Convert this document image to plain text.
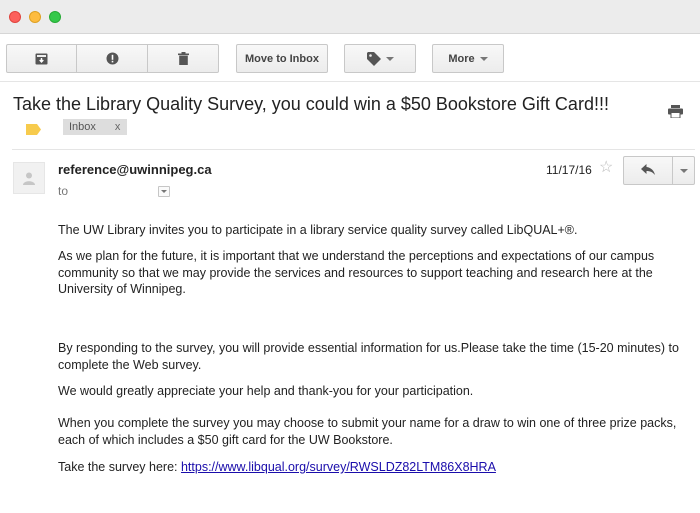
Move to Inbox	More
Take the Library Quality Survey, you could win a $50 Bookstore Gift Card!!!
Inbox x
reference@uwinnipeg.ca
to
11/17/16 ☆
The UW Library invites you to participate in a library service quality survey called LibQUAL+®.
As we plan for the future, it is important that we understand the perceptions and expectations of our campus community so that we may provide the services and resources to support teaching and research here at the University of Winnipeg.
By responding to the survey, you will provide essential information for us.Please take the time (15-20 minutes) to complete the Web survey.
We would greatly appreciate your help and thank-you for your participation.
When you complete the survey you may choose to submit your name for a draw to win one of three prize packs, each of which includes a $50 gift card for the UW Bookstore.
Take the survey here: https://www.libqual.org/survey/RWSLDZ82LTM86X8HRA
